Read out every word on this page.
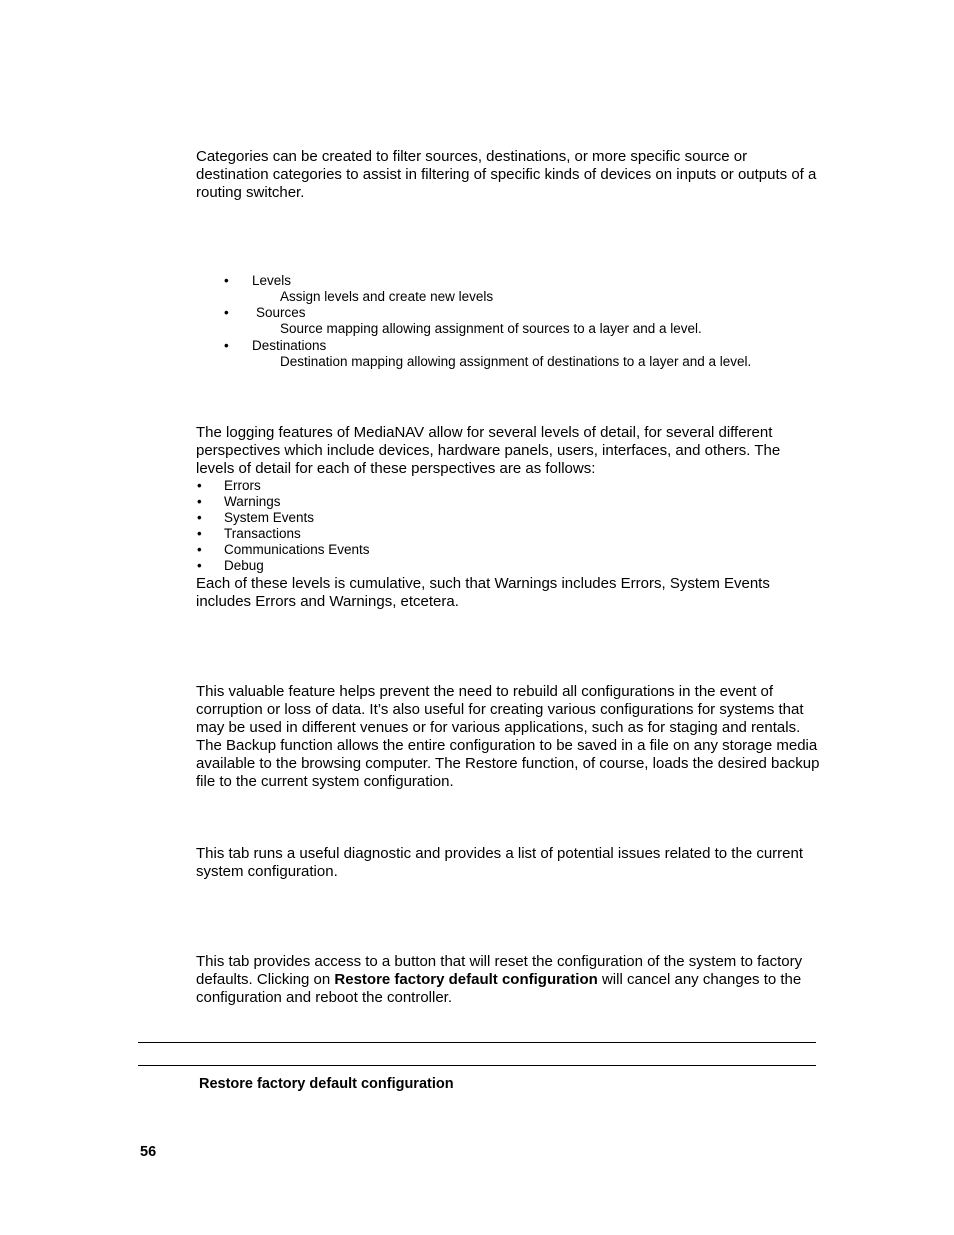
Categories can be created to filter sources, destinations, or more specific source or destination categories to assist in filtering of specific kinds of devices on inputs or outputs of a routing switcher.

• Levels
Assign levels and create new levels
• Sources
Source mapping allowing assignment of sources to a layer and a level.
• Destinations
Destination mapping allowing assignment of destinations to a layer and a level.

The logging features of MediaNAV allow for several levels of detail, for several different perspectives which include devices, hardware panels, users, interfaces, and others. The levels of detail for each of these perspectives are as follows:

• Errors
• Warnings
• System Events
• Transactions
• Communications Events
• Debug

Each of these levels is cumulative, such that Warnings includes Errors, System Events includes Errors and Warnings, etcetera.

This valuable feature helps prevent the need to rebuild all configurations in the event of corruption or loss of data. It’s also useful for creating various configurations for systems that may be used in different venues or for various applications, such as for staging and rentals. The Backup function allows the entire configuration to be saved in a file on any storage media available to the browsing computer. The Restore function, of course, loads the desired backup file to the current system configuration.

This tab runs a useful diagnostic and provides a list of potential issues related to the current system configuration.

This tab provides access to a button that will reset the configuration of the system to factory defaults. Clicking on Restore factory default configuration will cancel any changes to the configuration and reboot the controller.

Restore factory default configuration
56
